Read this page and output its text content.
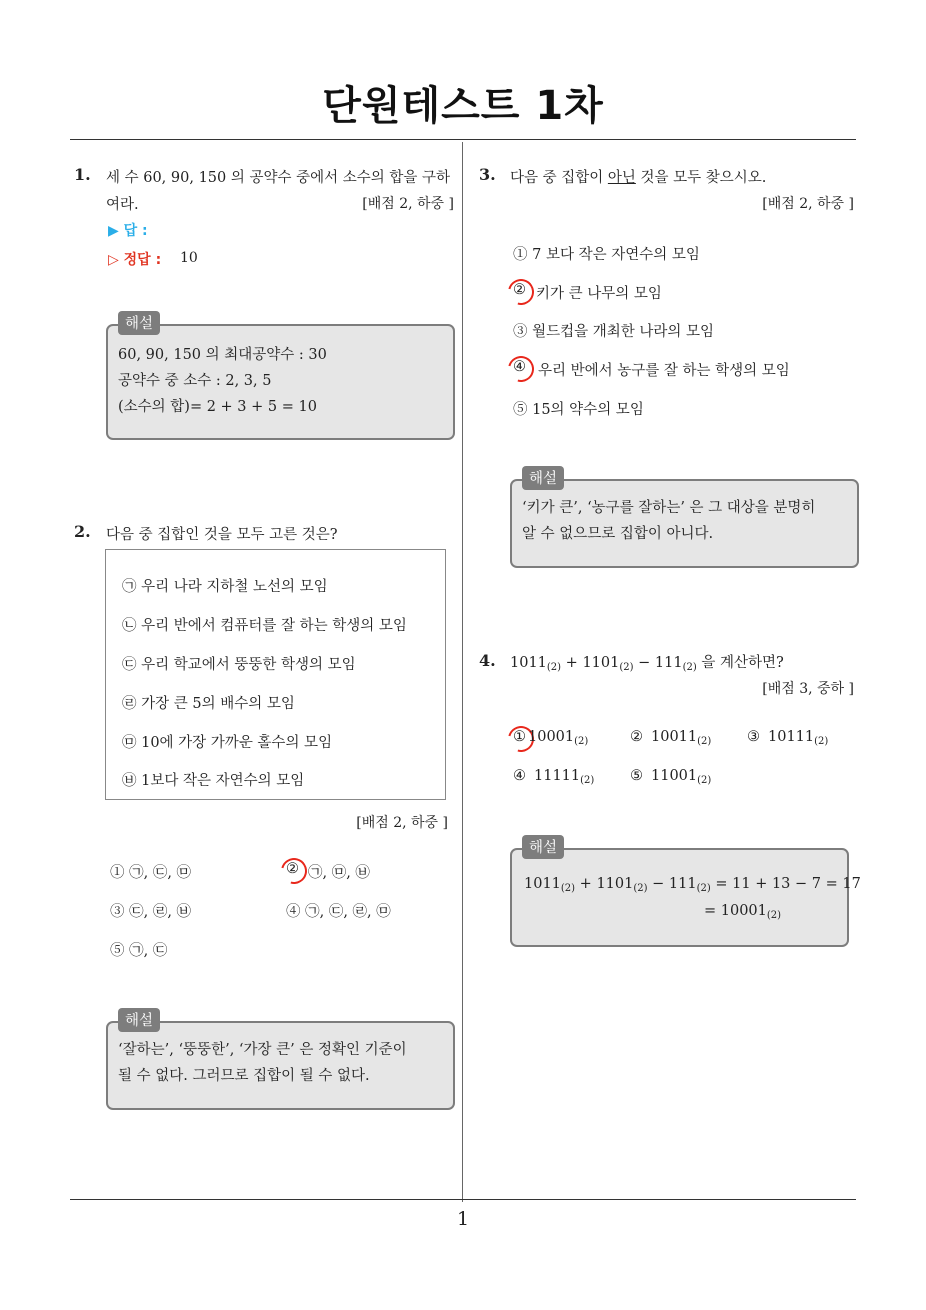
단원테스트 1차
1. 세 수 60, 90, 150 의 공약수 중에서 소수의 합을 구하
여라.	[배점 2, 하중 ]
▶ 답 :
▷ 정답 : 10
60, 90, 150 의 최대공약수 : 30
공약수 중 소수 : 2, 3, 5
(소수의 합)= 2 + 3 + 5 = 10
해설
2. 다음 중 집합인 것을 모두 고른 것은?
㉠ 우리 나라 지하철 노선의 모임
㉡ 우리 반에서 컴퓨터를 잘 하는 학생의 모임
㉢ 우리 학교에서 뚱뚱한 학생의 모임
㉣ 가장 큰 5의 배수의 모임
㉤ 10에 가장 가까운 홀수의 모임
㉥ 1보다 작은 자연수의 모임
[배점 2, 하중 ]
① ㉠, ㉢, ㉤	② ㉠, ㉤, ㉥
③ ㉢, ㉣, ㉥	④ ㉠, ㉢, ㉣, ㉤
⑤ ㉠, ㉢
‘잘하는’, ‘뚱뚱한’, ‘가장 큰’ 은 정확인 기준이
될 수 없다. 그러므로 집합이 될 수 없다.
해설
3. 다음 중 집합이 아닌 것을 모두 찾으시오.
[배점 2, 하중 ]
① 7 보다 작은 자연수의 모임
② 키가 큰 나무의 모임
③ 월드컵을 개최한 나라의 모임
④ 우리 반에서 농구를 잘 하는 학생의 모임
⑤ 15의 약수의 모임
‘키가 큰’, ‘농구를 잘하는’ 은 그 대상을 분명히
알 수 없으므로 집합이 아니다.
해설
4. $1011_{(2)} + 1101_{(2)} - 111_{(2)}$ 을 계산하면?
[배점 3, 중하 ]
① $10001_{(2)}$	② $10011_{(2)}$ ③ $10111_{(2)}$
④ $11111_{(2)}$ ⑤ $11001_{(2)}$
$1011_{(2)} + 1101_{(2)} - 111_{(2)} = 11 + 13 - 7 = 17$
= $10001_{(2)}$
해설
1
